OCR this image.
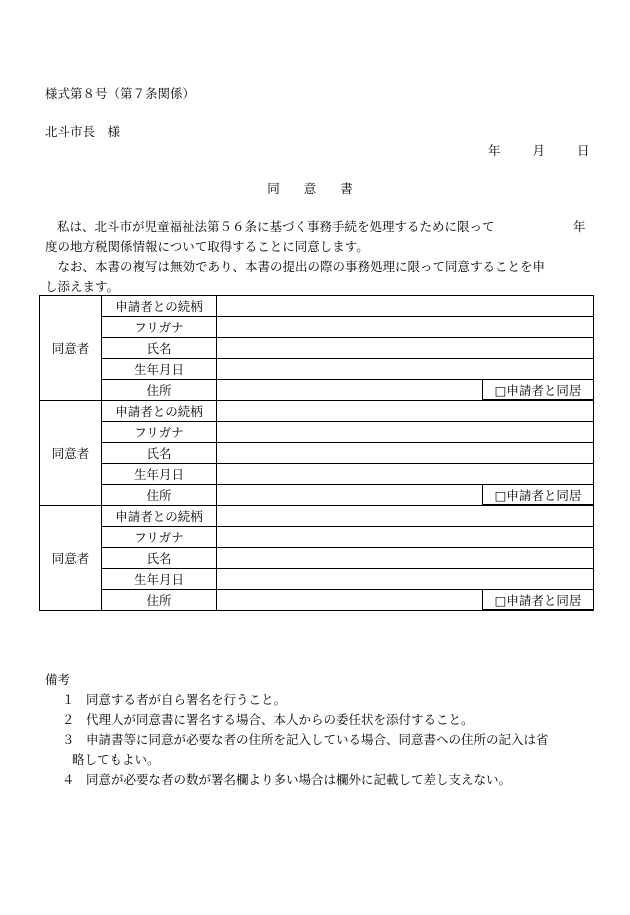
様式第８号（第７条関係）
北斗市長　様
年	月	日
同 意 書
私は、北斗市が児童福祉法第５６条に基づく事務手続を処理するために限って	年
度の地方税関係情報について取得することに同意します。
　なお、本書の複写は無効であり、本書の提出の際の事務処理に限って同意することを申
し添えます。
同意者	申請者との続柄	
	フリガナ	
	氏名	
	生年月日	
	住所	□申請者と同居

同意者	申請者との続柄	
	フリガナ	
	氏名	
	生年月日	
	住所	□申請者と同居

同意者	申請者との続柄	
	フリガナ	
	氏名	
	生年月日	
	住所	□申請者と同居
備考
１ 同意する者が自ら署名を行うこと。
２ 代理人が同意書に署名する場合、本人からの委任状を添付すること。
３ 申請書等に同意が必要な者の住所を記入している場合、同意書への住所の記入は省
略してもよい。
４ 同意が必要な者の数が署名欄より多い場合は欄外に記載して差し支えない。
